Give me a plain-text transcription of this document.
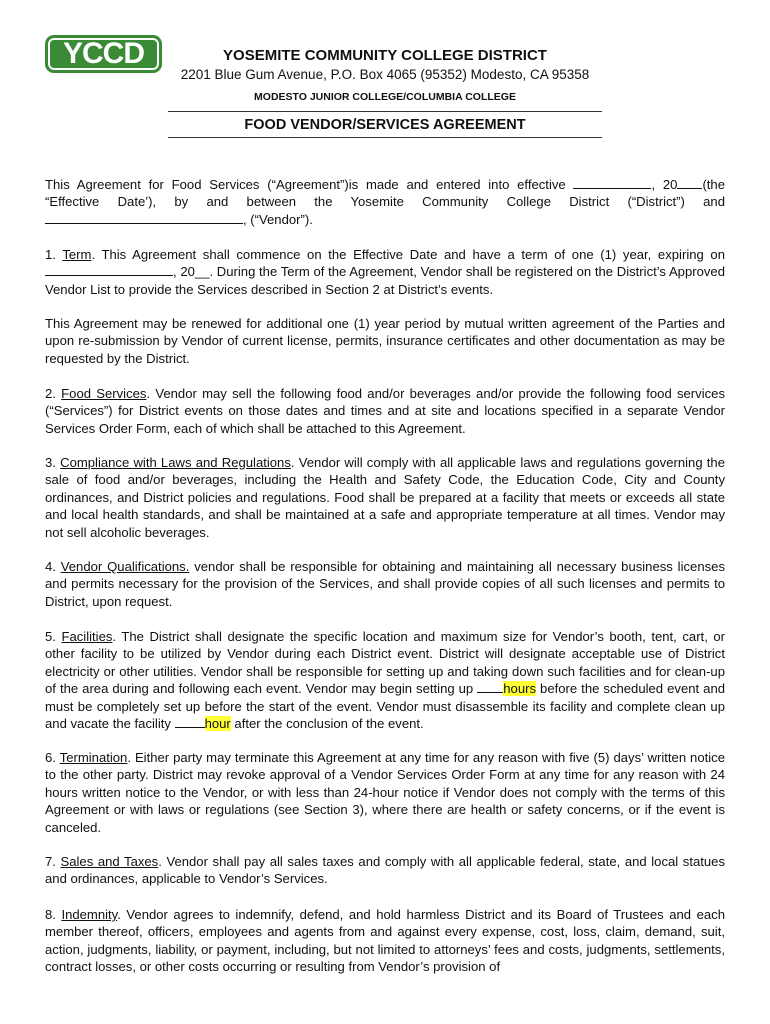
YCCD	YOSEMITE COMMUNITY COLLEGE DISTRICT
2201 Blue Gum Avenue, P.O. Box 4065 (95352) Modesto, CA 95358
MODESTO JUNIOR COLLEGE/COLUMBIA COLLEGE
FOOD VENDOR/SERVICES AGREEMENT

This Agreement for Food Services (“Agreement”)is made and entered into effective	, 20 (the “Effective Date’), by and between the Yosemite Community College District (“District”) and , (“Vendor”).

1. Term. This Agreement shall commence on the Effective Date and have a term of one (1) year, expiring on , 20__. During the Term of the Agreement, Vendor shall be registered on the District’s Approved Vendor List to provide the Services described in Section 2 at District’s events.

This Agreement may be renewed for additional one (1) year period by mutual written agreement of the Parties and upon re-submission by Vendor of current license, permits, insurance certificates and other documentation as may be requested by the District.

2. Food Services. Vendor may sell the following food and/or beverages and/or provide the following food services (“Services”) for District events on those dates and times and at site and locations specified in a separate Vendor Services Order Form, each of which shall be attached to this Agreement.

3. Compliance with Laws and Regulations. Vendor will comply with all applicable laws and regulations governing the sale of food and/or beverages, including the Health and Safety Code, the Education Code, City and County ordinances, and District policies and regulations. Food shall be prepared at a facility that meets or exceeds all state and local health standards, and shall be maintained at a safe and appropriate temperature at all times. Vendor may not sell alcoholic beverages.

4. Vendor Qualifications. vendor shall be responsible for obtaining and maintaining all necessary business licenses and permits necessary for the provision of the Services, and shall provide copies of all such licenses and permits to District, upon request.

5. Facilities. The District shall designate the specific location and maximum size for Vendor’s booth, tent, cart, or other facility to be utilized by Vendor during each District event. District will designate acceptable use of District electricity or other utilities. Vendor shall be responsible for setting up and taking down such facilities and for clean-up of the area during and following each event. Vendor may begin setting up hours before the scheduled event and must be completely set up before the start of the event. Vendor must disassemble its facility and complete clean up and vacate the facility hour after the conclusion of the event.

6. Termination. Either party may terminate this Agreement at any time for any reason with five (5) days’ written notice to the other party. District may revoke approval of a Vendor Services Order Form at any time for any reason with 24 hours written notice to the Vendor, or with less than 24-hour notice if Vendor does not comply with the terms of this Agreement or with laws or regulations (see Section 3), where there are health or safety concerns, or if the event is canceled.

7. Sales and Taxes. Vendor shall pay all sales taxes and comply with all applicable federal, state, and local statues and ordinances, applicable to Vendor’s Services.

8. Indemnity. Vendor agrees to indemnify, defend, and hold harmless District and its Board of Trustees and each member thereof, officers, employees and agents from and against every expense, cost, loss, claim, demand, suit, action, judgments, liability, or payment, including, but not limited to attorneys’ fees and costs, judgments, settlements, contract losses, or other costs occurring or resulting from Vendor’s provision of
